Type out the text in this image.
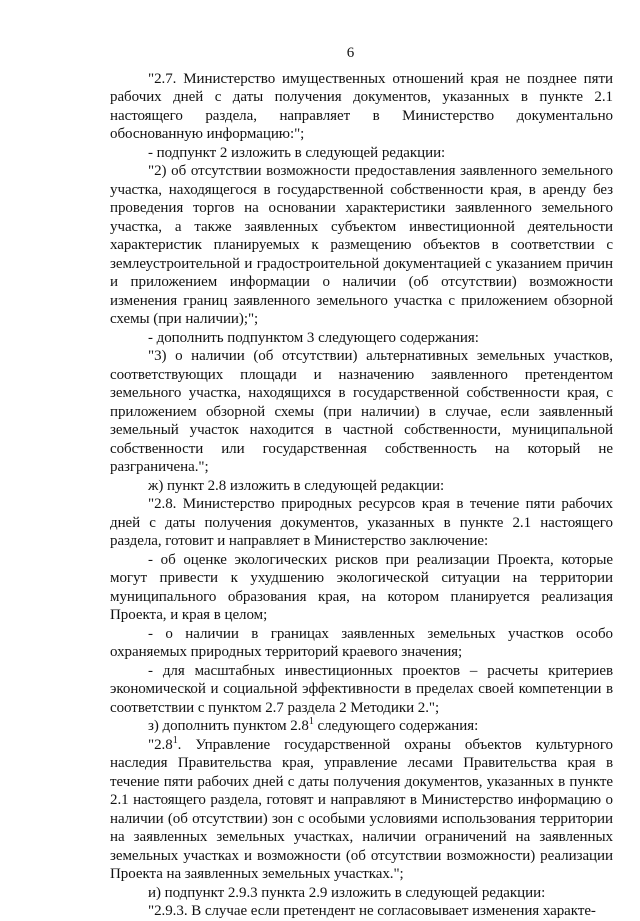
6

"2.7. Министерство имущественных отношений края не позднее пяти рабочих дней с даты получения документов, указанных в пункте 2.1 настоящего раздела, направляет в Министерство документально обоснованную информацию:";

- подпункт 2 изложить в следующей редакции:

"2) об отсутствии возможности предоставления заявленного земельного участка, находящегося в государственной собственности края, в аренду без проведения торгов на основании характеристики заявленного земельного участка, а также заявленных субъектом инвестиционной деятельности характеристик планируемых к размещению объектов в соответствии с землеустроительной и градостроительной документацией с указанием причин и приложением информации о наличии (об отсутствии) возможности изменения границ заявленного земельного участка с приложением обзорной схемы (при наличии);";

- дополнить подпунктом 3 следующего содержания:

"3) о наличии (об отсутствии) альтернативных земельных участков, соответствующих площади и назначению заявленного претендентом земельного участка, находящихся в государственной собственности края, с приложением обзорной схемы (при наличии) в случае, если заявленный земельный участок находится в частной собственности, муниципальной собственности или государственная собственность на который не разграничена.";

ж) пункт 2.8 изложить в следующей редакции:

"2.8. Министерство природных ресурсов края в течение пяти рабочих дней с даты получения документов, указанных в пункте 2.1 настоящего раздела, готовит и направляет в Министерство заключение:

- об оценке экологических рисков при реализации Проекта, которые могут привести к ухудшению экологической ситуации на территории муниципального образования края, на котором планируется реализация Проекта, и края в целом;

- о наличии в границах заявленных земельных участков особо охраняемых природных территорий краевого значения;

- для масштабных инвестиционных проектов – расчеты критериев экономической и социальной эффективности в пределах своей компетенции в соответствии с пунктом 2.7 раздела 2 Методики 2.";

з) дополнить пунктом $2.8^1$ следующего содержания:

"$2.8^1$. Управление государственной охраны объектов культурного наследия Правительства края, управление лесами Правительства края в течение пяти рабочих дней с даты получения документов, указанных в пункте 2.1 настоящего раздела, готовят и направляют в Министерство информацию о наличии (об отсутствии) зон с особыми условиями использования территории на заявленных земельных участках, наличии ограничений на заявленных земельных участках и возможности (об отсутствии возможности) реализации Проекта на заявленных земельных участках.";

и) подпункт 2.9.3 пункта 2.9 изложить в следующей редакции:

"2.9.3. В случае если претендент не согласовывает изменения характе-
